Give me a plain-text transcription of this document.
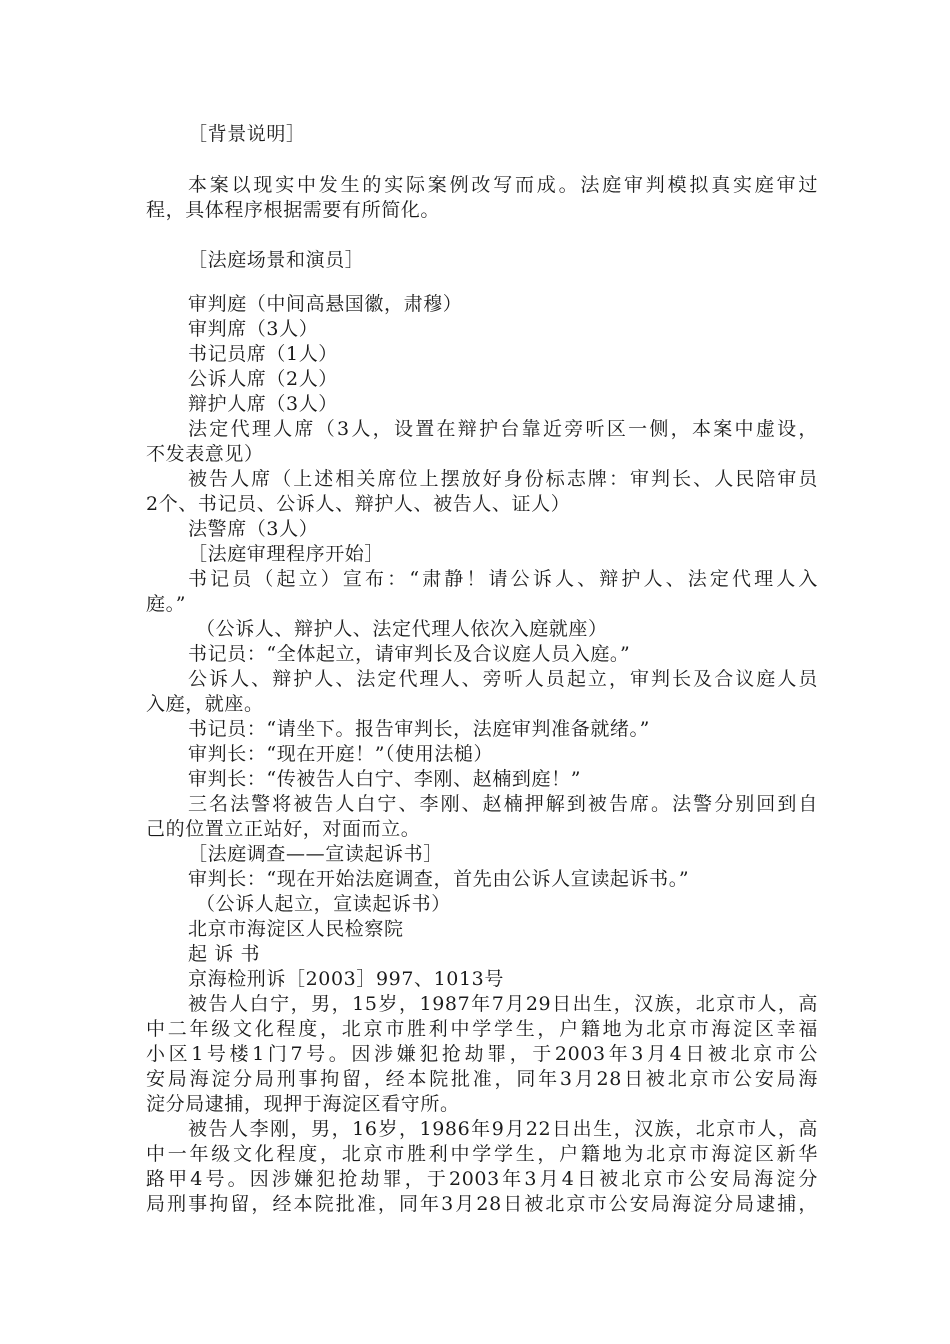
［背景说明］
本案以现实中发生的实际案例改写而成。法庭审判模拟真实庭审过
程，具体程序根据需要有所简化。
［法庭场景和演员］
审判庭（中间高悬国徽，肃穆）
审判席（3人）
书记员席（1人）
公诉人席（2人）
辩护人席（3人）
法定代理人席（3人，设置在辩护台靠近旁听区一侧，本案中虚设，
不发表意见）
被告人席（上述相关席位上摆放好身份标志牌：审判长、人民陪审员
2个、书记员、公诉人、辩护人、被告人、证人）
法警席（3人）
［法庭审理程序开始］
书记员（起立）宣布：“肃静！请公诉人、辩护人、法定代理人入
庭。”
（公诉人、辩护人、法定代理人依次入庭就座）
书记员：“全体起立，请审判长及合议庭人员入庭。”
公诉人、辩护人、法定代理人、旁听人员起立，审判长及合议庭人员
入庭，就座。
书记员：“请坐下。报告审判长，法庭审判准备就绪。”
审判长：“现在开庭！”（使用法槌）
审判长：“传被告人白宁、李刚、赵楠到庭！”
三名法警将被告人白宁、李刚、赵楠押解到被告席。法警分别回到自
己的位置立正站好，对面而立。
［法庭调查——宣读起诉书］
审判长：“现在开始法庭调查，首先由公诉人宣读起诉书。”
（公诉人起立，宣读起诉书）
北京市海淀区人民检察院
起 诉 书
京海检刑诉［2003］997、1013号
被告人白宁，男，15岁，1987年7月29日出生，汉族，北京市人，高
中二年级文化程度，北京市胜利中学学生，户籍地为北京市海淀区幸福
小区1号楼1门7号。因涉嫌犯抢劫罪，于2003年3月4日被北京市公
安局海淀分局刑事拘留，经本院批准，同年3月28日被北京市公安局海
淀分局逮捕，现押于海淀区看守所。
被告人李刚，男，16岁，1986年9月22日出生，汉族，北京市人，高
中一年级文化程度，北京市胜利中学学生，户籍地为北京市海淀区新华
路甲4号。因涉嫌犯抢劫罪，于2003年3月4日被北京市公安局海淀分
局刑事拘留，经本院批准，同年3月28日被北京市公安局海淀分局逮捕，
